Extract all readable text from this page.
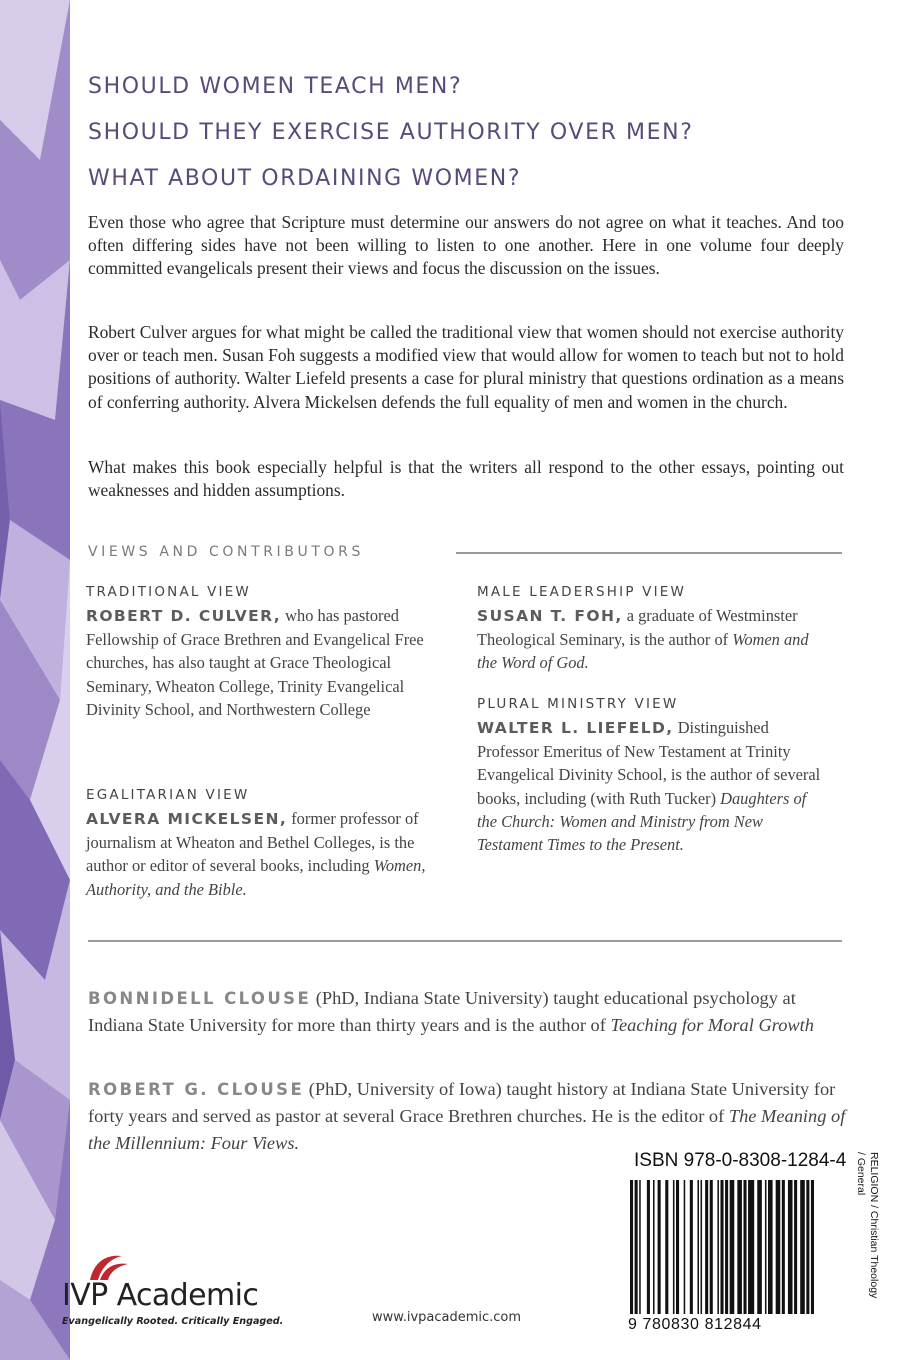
SHOULD WOMEN TEACH MEN?
SHOULD THEY EXERCISE AUTHORITY OVER MEN?
WHAT ABOUT ORDAINING WOMEN?

Even those who agree that Scripture must determine our answers do not agree on what it teaches. And too often differing sides have not been willing to listen to one another. Here in one volume four deeply committed evangelicals present their views and focus the discussion on the issues.

Robert Culver argues for what might be called the traditional view that women should not exercise authority over or teach men. Susan Foh suggests a modified view that would allow for women to teach but not to hold positions of authority. Walter Liefeld presents a case for plural ministry that questions ordination as a means of conferring authority. Alvera Mickelsen defends the full equality of men and women in the church.

What makes this book especially helpful is that the writers all respond to the other essays, pointing out weaknesses and hidden assumptions.

VIEWS AND CONTRIBUTORS
TRADITIONAL VIEW
ROBERT D. CULVER, who has pastored Fellowship of Grace Brethren and Evangelical Free churches, has also taught at Grace Theological Seminary, Wheaton College, Trinity Evangelical Divinity School, and Northwestern College
EGALITARIAN VIEW
ALVERA MICKELSEN, former professor of journalism at Wheaton and Bethel Colleges, is the author or editor of several books, including Women, Authority, and the Bible.
MALE LEADERSHIP VIEW
SUSAN T. FOH, a graduate of Westminster Theological Seminary, is the author of Women and the Word of God.
PLURAL MINISTRY VIEW
WALTER L. LIEFELD, Distinguished Professor Emeritus of New Testament at Trinity Evangelical Divinity School, is the author of several books, including (with Ruth Tucker) Daughters of the Church: Women and Ministry from New Testament Times to the Present.
BONNIDELL CLOUSE (PhD, Indiana State University) taught educational psychology at Indiana State University for more than thirty years and is the author of Teaching for Moral Growth
ROBERT G. CLOUSE (PhD, University of Iowa) taught history at Indiana State University for forty years and served as pastor at several Grace Brethren churches. He is the editor of The Meaning of the Millennium: Four Views.
ISBN 978-0-8308-1284-4
9 780830 812844
RELIGION / Christian Theology / General
IVP Academic
Evangelically Rooted. Critically Engaged.	www.ivpacademic.com
